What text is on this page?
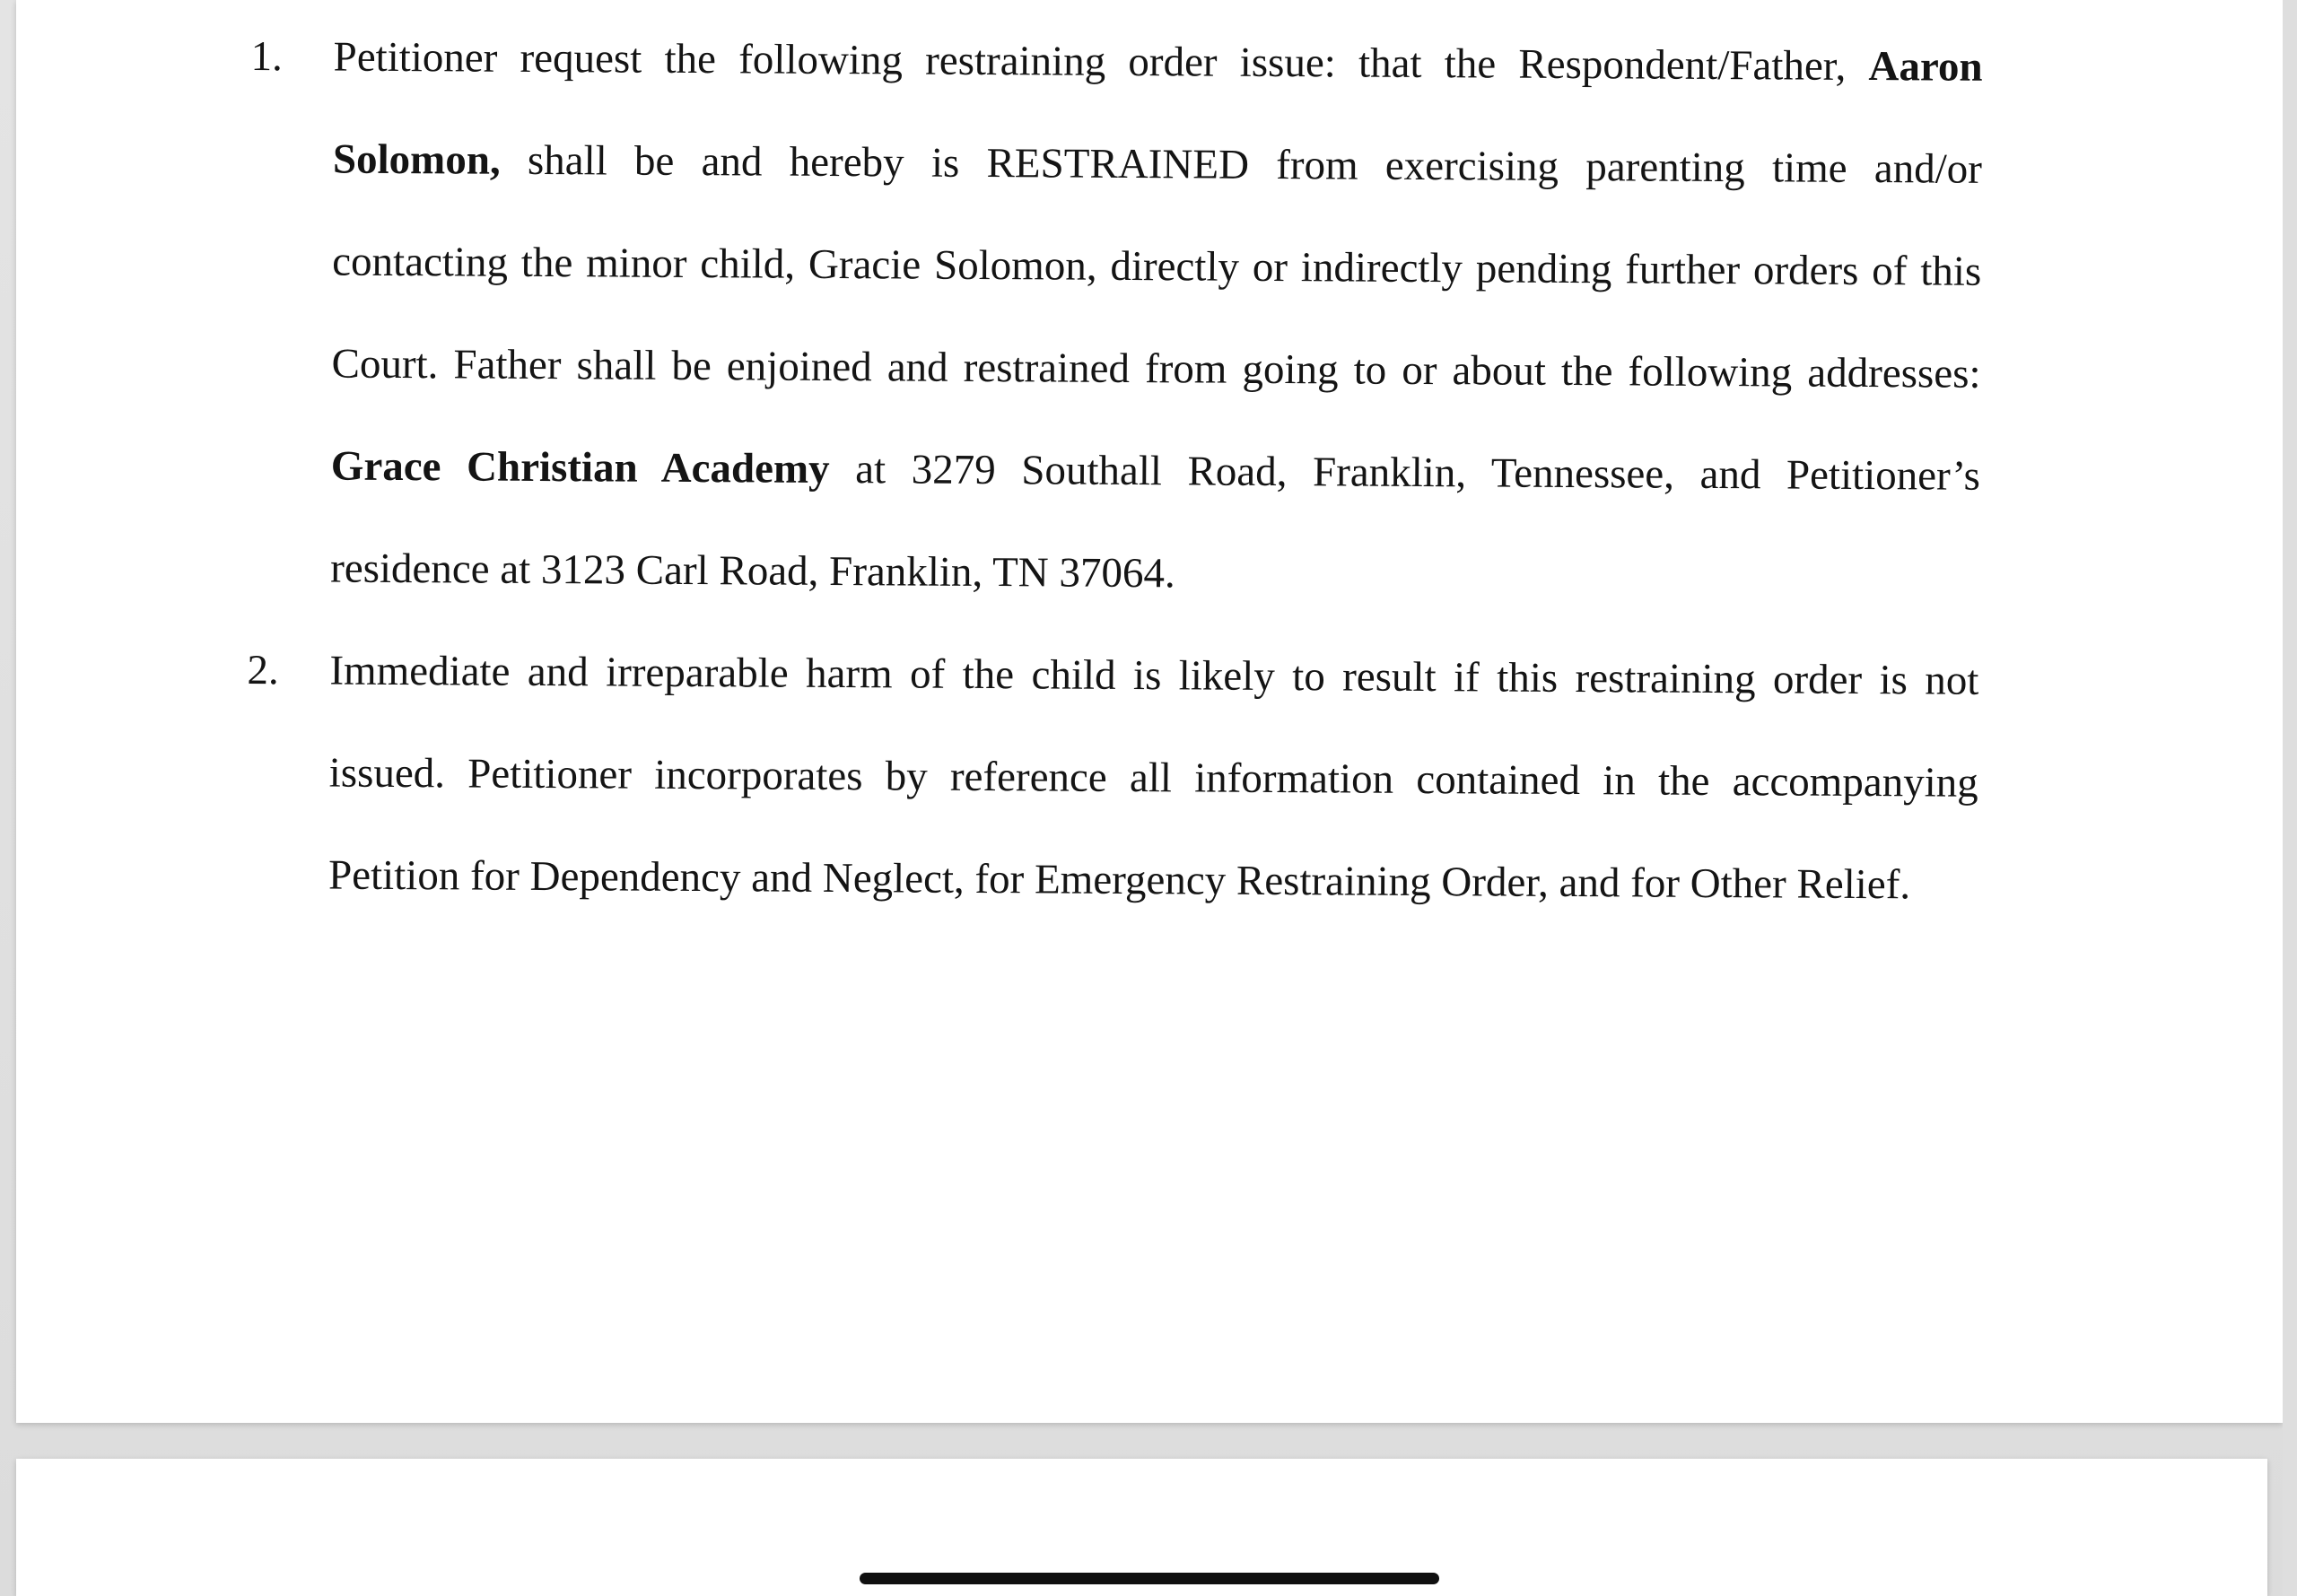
1.	Petitioner request the following restraining order issue: that the Respondent/Father, Aaron Solomon, shall be and hereby is RESTRAINED from exercising parenting time and/or contacting the minor child, Gracie Solomon, directly or indirectly pending further orders of this Court. Father shall be enjoined and restrained from going to or about the following addresses: Grace Christian Academy at 3279 Southall Road, Franklin, Tennessee, and Petitioner’s residence at 3123 Carl Road, Franklin, TN 37064.
2.	Immediate and irreparable harm of the child is likely to result if this restraining order is not issued. Petitioner incorporates by reference all information contained in the accompanying Petition for Dependency and Neglect, for Emergency Restraining Order, and for Other Relief.
